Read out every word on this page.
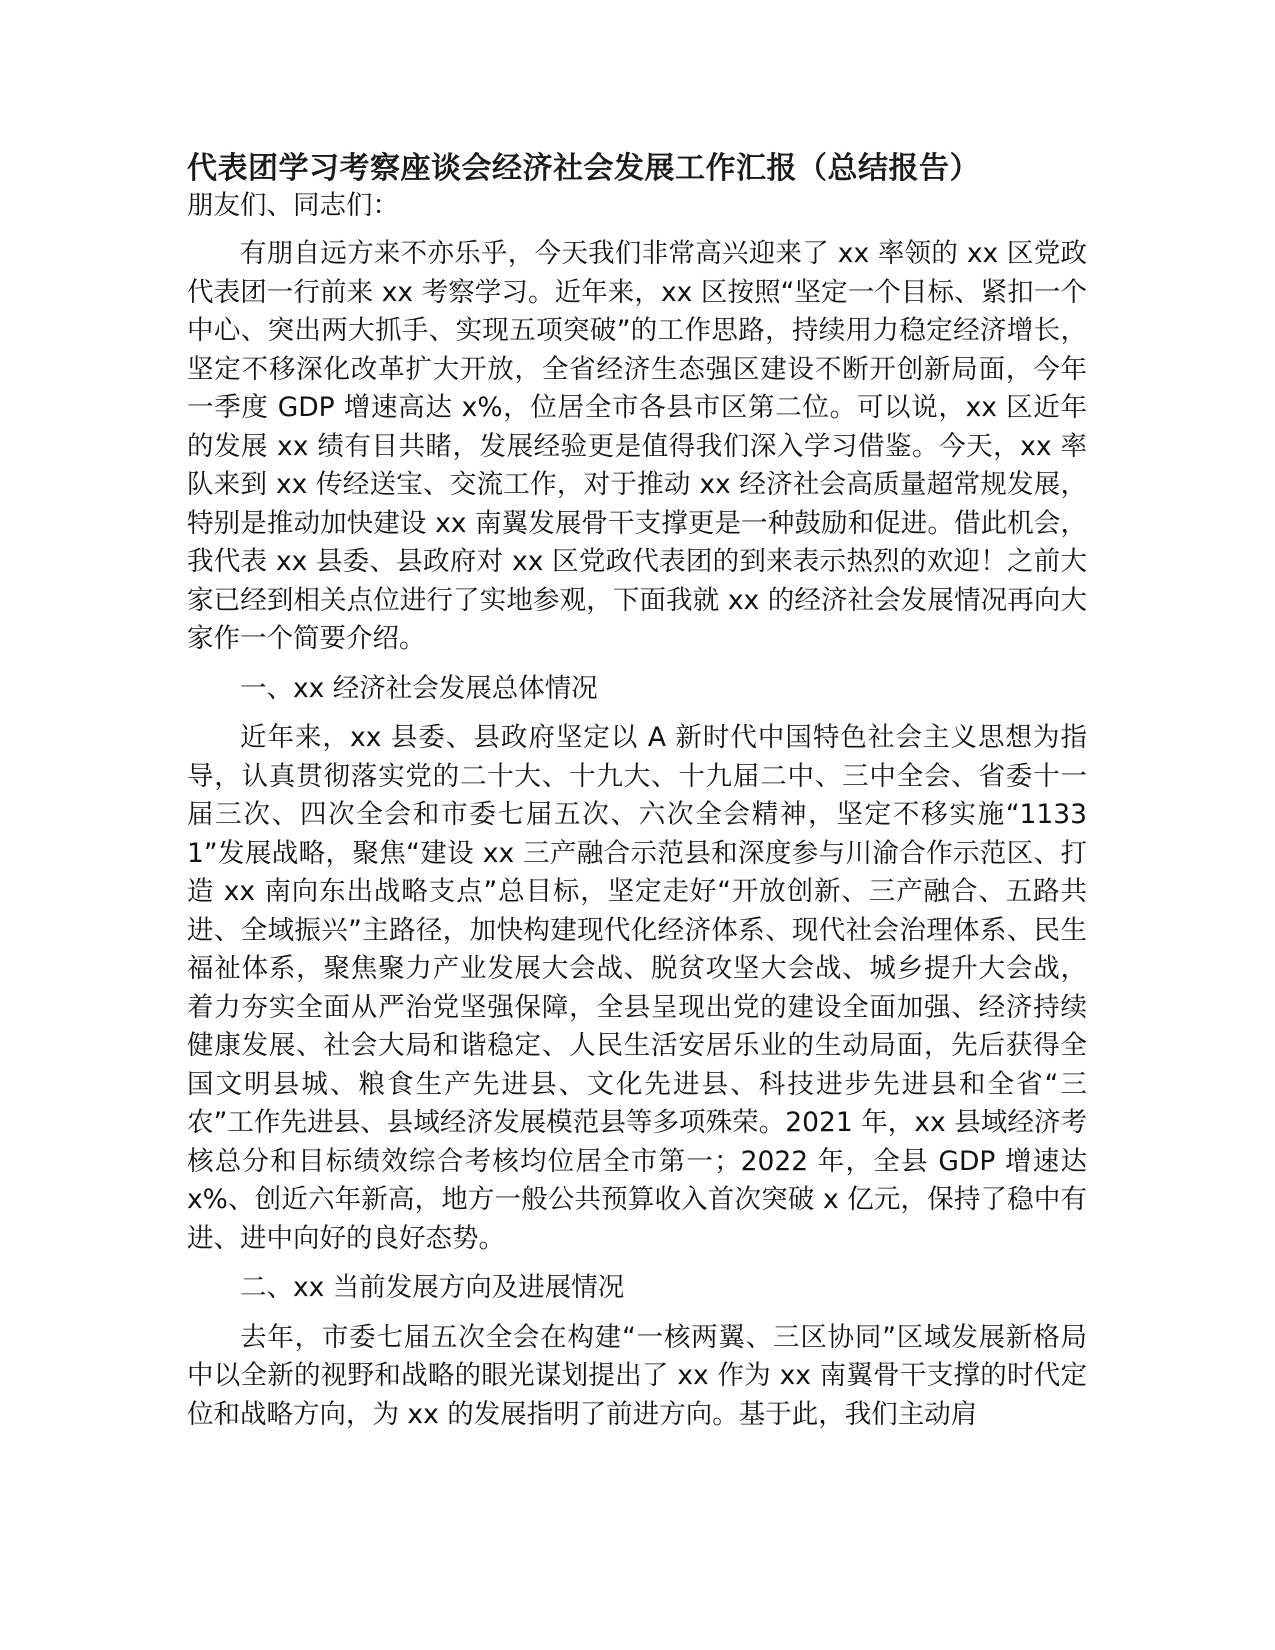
代表团学习考察座谈会经济社会发展工作汇报（总结报告）

朋友们、同志们：

有朋自远方来不亦乐乎，今天我们非常高兴迎来了 xx 率领的 xx 区党政代表团一行前来 xx 考察学习。近年来，xx 区按照“坚定一个目标、紧扣一个中心、突出两大抓手、实现五项突破”的工作思路，持续用力稳定经济增长，坚定不移深化改革扩大开放，全省经济生态强区建设不断开创新局面，今年一季度 GDP 增速高达 x%，位居全市各县市区第二位。可以说，xx 区近年的发展 xx 绩有目共睹，发展经验更是值得我们深入学习借鉴。今天，xx 率队来到 xx 传经送宝、交流工作，对于推动 xx 经济社会高质量超常规发展，特别是推动加快建设 xx 南翼发展骨干支撑更是一种鼓励和促进。借此机会，我代表 xx 县委、县政府对 xx 区党政代表团的到来表示热烈的欢迎！之前大家已经到相关点位进行了实地参观，下面我就 xx 的经济社会发展情况再向大家作一个简要介绍。

一、xx 经济社会发展总体情况

近年来，xx 县委、县政府坚定以 A 新时代中国特色社会主义思想为指导，认真贯彻落实党的二十大、十九大、十九届二中、三中全会、省委十一届三次、四次全会和市委七届五次、六次全会精神，坚定不移实施“11331”发展战略，聚焦“建设 xx 三产融合示范县和深度参与川渝合作示范区、打造 xx 南向东出战略支点”总目标，坚定走好“开放创新、三产融合、五路共进、全域振兴”主路径，加快构建现代化经济体系、现代社会治理体系、民生福祉体系，聚焦聚力产业发展大会战、脱贫攻坚大会战、城乡提升大会战，着力夯实全面从严治党坚强保障，全县呈现出党的建设全面加强、经济持续健康发展、社会大局和谐稳定、人民生活安居乐业的生动局面，先后获得全国文明县城、粮食生产先进县、文化先进县、科技进步先进县和全省“三农”工作先进县、县域经济发展模范县等多项殊荣。2021 年，xx 县域经济考核总分和目标绩效综合考核均位居全市第一；2022 年，全县 GDP 增速达 x%、创近六年新高，地方一般公共预算收入首次突破 x 亿元，保持了稳中有进、进中向好的良好态势。

二、xx 当前发展方向及进展情况

去年，市委七届五次全会在构建“一核两翼、三区协同”区域发展新格局中以全新的视野和战略的眼光谋划提出了 xx 作为 xx 南翼骨干支撑的时代定位和战略方向，为 xx 的发展指明了前进方向。基于此，我们主动肩
